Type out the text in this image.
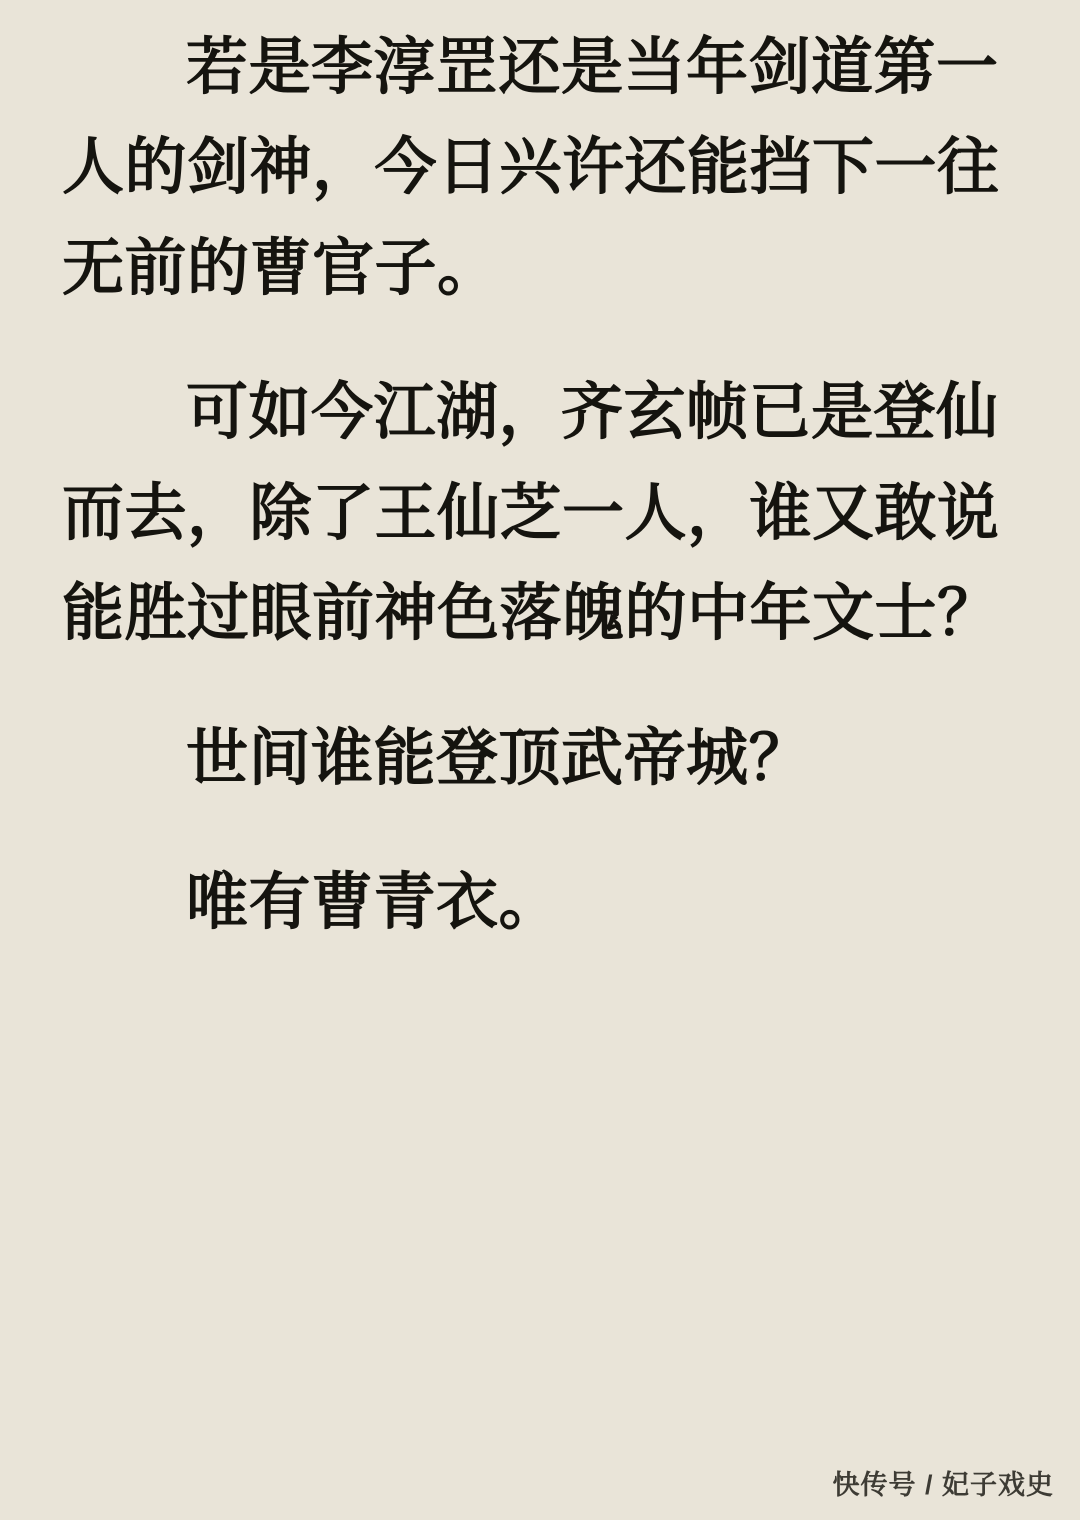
若是李淳罡还是当年剑道第一人的剑神，今日兴许还能挡下一往无前的曹官子。

可如今江湖，齐玄帧已是登仙而去，除了王仙芝一人，谁又敢说能胜过眼前神色落魄的中年文士？

世间谁能登顶武帝城？

唯有曹青衣。

快传号 / 妃子戏史
